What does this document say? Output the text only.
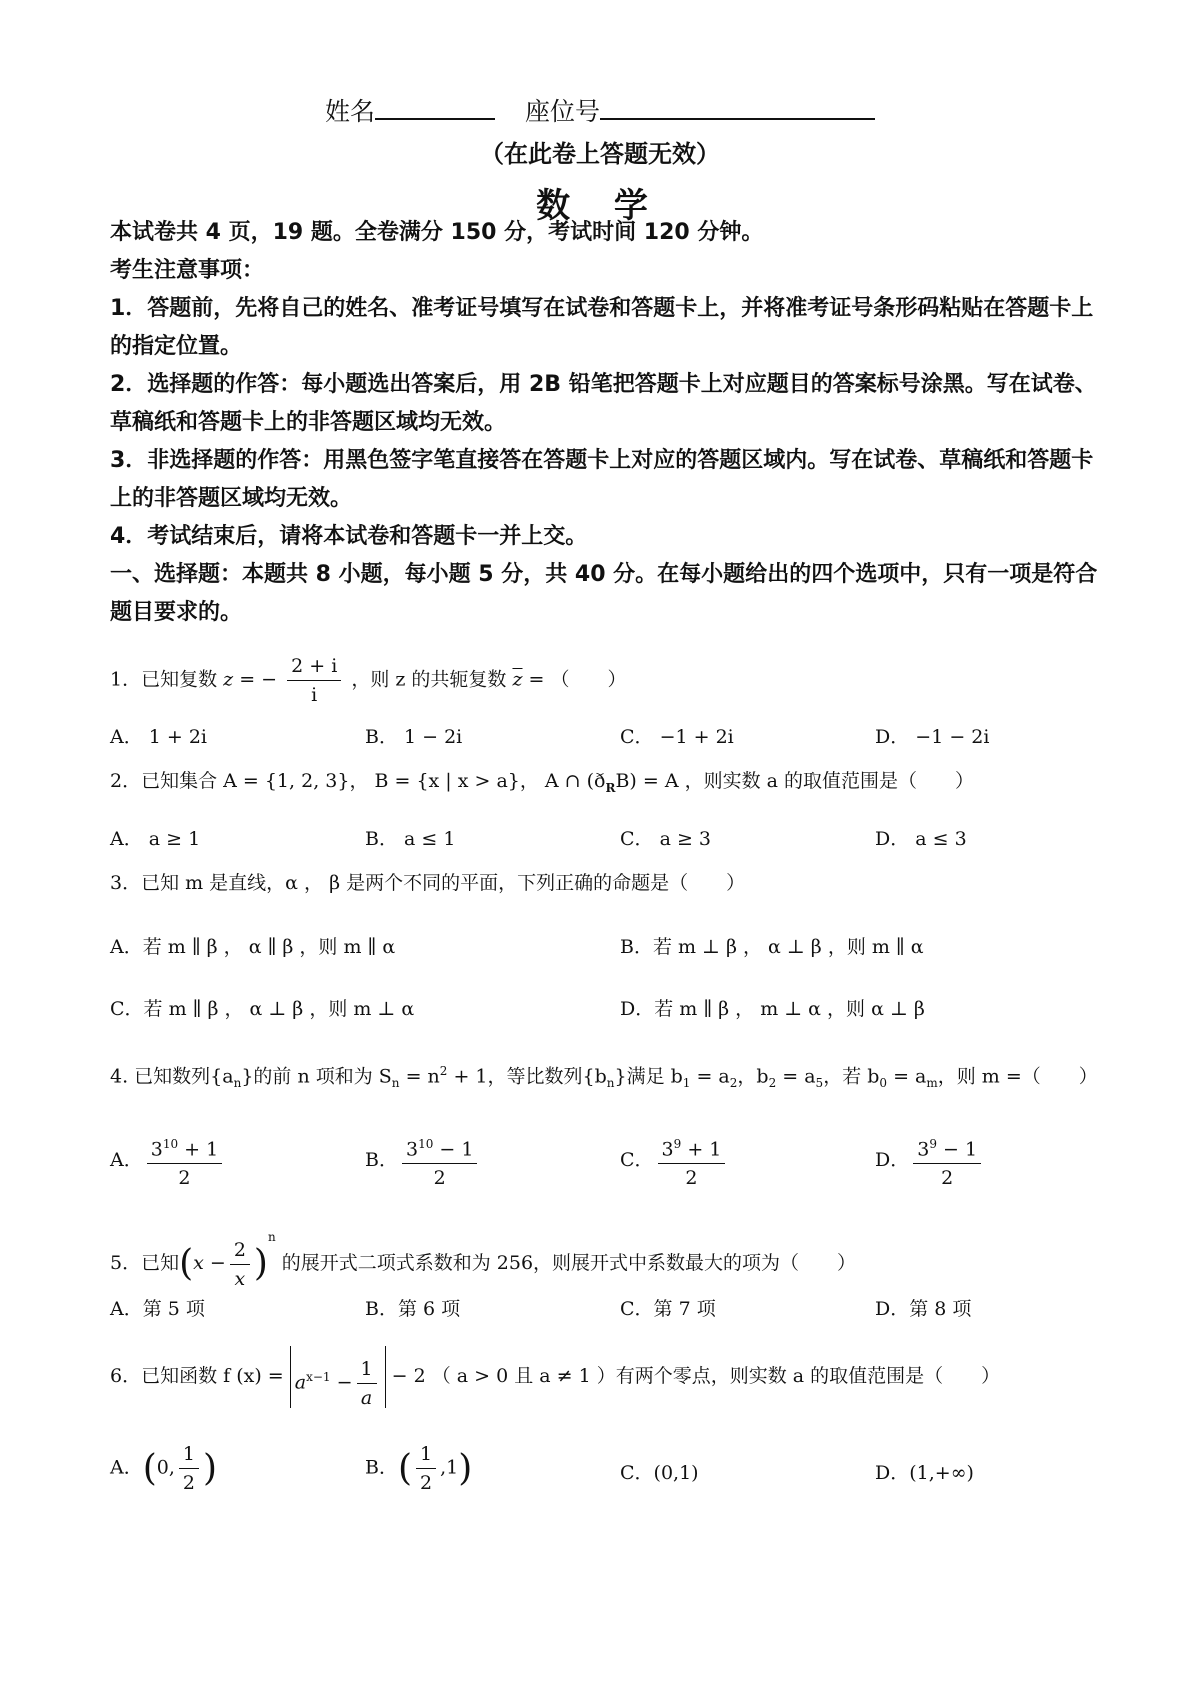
姓名	座位号
（在此卷上答题无效）
数 学
本试卷共 4 页，19 题。全卷满分 150 分，考试时间 120 分钟。
考生注意事项：
1．答题前，先将自己的姓名、准考证号填写在试卷和答题卡上，并将准考证号条形码粘贴在答题卡上的指定位置。
2．选择题的作答：每小题选出答案后，用 2B 铅笔把答题卡上对应题目的答案标号涂黑。写在试卷、草稿纸和答题卡上的非答题区域均无效。
3．非选择题的作答：用黑色签字笔直接答在答题卡上对应的答题区域内。写在试卷、草稿纸和答题卡上的非答题区域均无效。
4．考试结束后，请将本试卷和答题卡一并上交。
一、选择题：本题共 8 小题，每小题 5 分，共 40 分。在每小题给出的四个选项中，只有一项是符合题目要求的。
1．已知复数 z = − $\frac{2 + i}{i}$ ，则 z 的共轭复数 $\overline{z}$ = （　　）
A． 1 + 2i	B． 1 − 2i	C． −1 + 2i	D． −1 − 2i
2．已知集合 A = {1, 2, 3}， B = {x | x > a}， A ∩ $(ð_RB) = A$ ，则实数 a 的取值范围是（　　）
A． a ≥ 1	B． a ≤ 1	C． a ≥ 3	D． a ≤ 3
3．已知 m 是直线，α ， β 是两个不同的平面，下列正确的命题是（　　）
A．若 m ∥ β ， α ∥ β ，则 m ∥ α	B．若 m ⊥ β ， α ⊥ β ，则 m ∥ α
C．若 m ∥ β ， α ⊥ β ，则 m ⊥ α	D．若 m ∥ β ， m ⊥ α ，则 α ⊥ β
4. 已知数列$\{a_n\}$的前 n 项和为 $S_n = n^2 + 1$，等比数列$\{b_n\}$满足 $b_1 = a_2$，$b_2 = a_5$，若 $b_0 = a_m$，则 m =（　　）
A． $\frac{3^{10} + 1}{2}$	B． $\frac{3^{10} - 1}{2}$	C． $\frac{3^9 + 1}{2}$	D． $\frac{3^9 - 1}{2}$
5．已知$(x - \frac{2}{x} )^n$ 的展开式二项式系数和为 256，则展开式中系数最大的项为（　　）
A．第 5 项	B．第 6 项	C．第 7 项	D．第 8 项
6．已知函数 f $(x) = a^{x-1} - \frac{1}{a} - 2$ （ a > 0 且 a ≠ 1 ）有两个零点，则实数 a 的取值范围是（　　）
A．(0, $\frac{1}{2}$ )	B．( $\frac{1}{2} ,1$)	C．(0,1)	D．(1,+∞)
